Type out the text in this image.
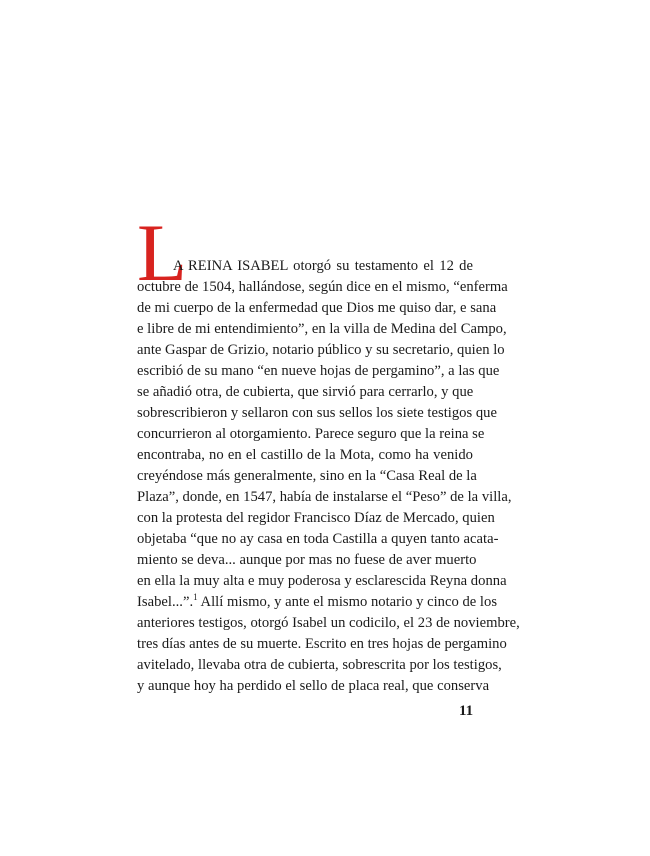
L
A REINA ISABEL otorgó su testamento el 12 de
octubre de 1504, hallándose, según dice en el mismo, “enferma
de mi cuerpo de la enfermedad que Dios me quiso dar, e sana
e libre de mi entendimiento”, en la villa de Medina del Campo,
ante Gaspar de Grizio, notario público y su secretario, quien lo
escribió de su mano “en nueve hojas de pergamino”, a las que
se añadió otra, de cubierta, que sirvió para cerrarlo, y que
sobrescribieron y sellaron con sus sellos los siete testigos que
concurrieron al otorgamiento. Parece seguro que la reina se
encontraba, no en el castillo de la Mota, como ha venido
creyéndose más generalmente, sino en la “Casa Real de la
Plaza”, donde, en 1547, había de instalarse el “Peso” de la villa,
con la protesta del regidor Francisco Díaz de Mercado, quien
objetaba “que no ay casa en toda Castilla a quyen tanto acata-
miento se deva... aunque por mas no fuese de aver muerto
en ella la muy alta e muy poderosa y esclarescida Reyna donna
Isabel...”.$^1$ Allí mismo, y ante el mismo notario y cinco de los
anteriores testigos, otorgó Isabel un codicilo, el 23 de noviembre,
tres días antes de su muerte. Escrito en tres hojas de pergamino
avitelado, llevaba otra de cubierta, sobrescrita por los testigos,
y aunque hoy ha perdido el sello de placa real, que conserva
11
